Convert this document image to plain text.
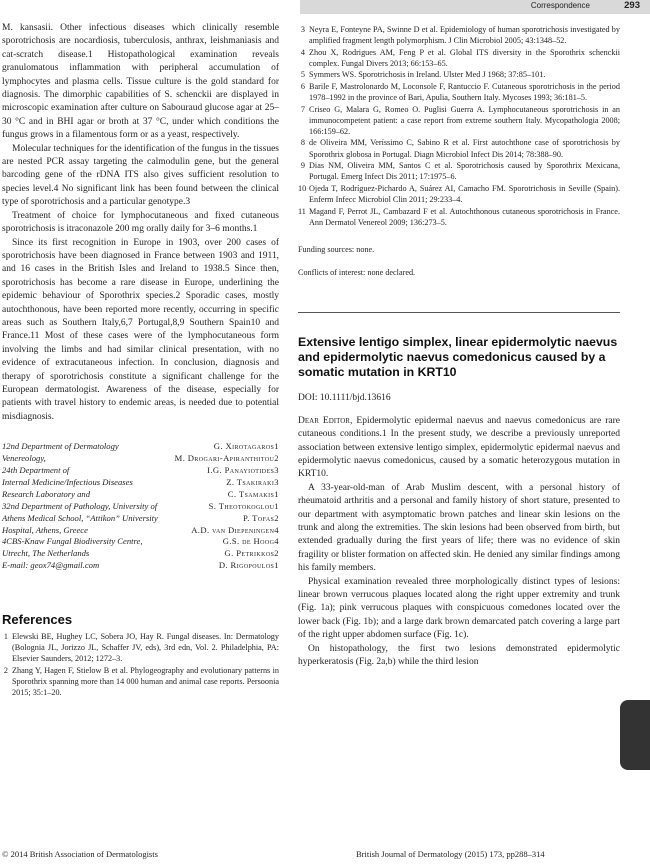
Correspondence	293

M. kansasii. Other infectious diseases which clinically resemble sporotrichosis are nocardiosis, tuberculosis, anthrax, leishmaniasis and cat-scratch disease.1 Histopathological examination reveals granulomatous inflammation with peripheral accumulation of lymphocytes and plasma cells. Tissue culture is the gold standard for diagnosis. The dimorphic capabilities of S. schenckii are displayed in microscopic examination after culture on Sabouraud glucose agar at 25–30 °C and in BHI agar or broth at 37 °C, under which conditions the fungus grows in a filamentous form or as a yeast, respectively.

Molecular techniques for the identification of the fungus in the tissues are nested PCR assay targeting the calmodulin gene, but the general barcoding gene of the rDNA ITS also gives sufficient resolution to species level.4 No significant link has been found between the clinical type of sporotrichosis and a particular genotype.3

Treatment of choice for lymphocutaneous and fixed cutaneous sporotrichosis is itraconazole 200 mg orally daily for 3–6 months.1

Since its first recognition in Europe in 1903, over 200 cases of sporotrichosis have been diagnosed in France between 1903 and 1911, and 16 cases in the British Isles and Ireland to 1938.5 Since then, sporotrichosis has become a rare disease in Europe, underlining the epidemic behaviour of Sporothrix species.2 Sporadic cases, mostly autochthonous, have been reported more recently, occurring in specific areas such as Southern Italy,6,7 Portugal,8,9 Southern Spain10 and France.11 Most of these cases were of the lymphocutaneous form involving the limbs and had similar clinical presentation, with no evidence of extracutaneous infection. In conclusion, diagnosis and therapy of sporotrichosis constitute a significant challenge for the European dermatologist. Awareness of the disease, especially for patients with travel history to endemic areas, is needed due to potential misdiagnosis.

12nd Department of Dermatology	G. Xirotagaros1
Venereology,	M. Drogari-Apiranthitou2
24th Department of	I.G. Panayiotides3
Internal Medicine/Infectious Diseases	Z. Tsakiraki3
Research Laboratory and	C. Tsamakis1
32nd Department of Pathology, University of	S. Theotokoglou1
Athens Medical School, “Attikon” University	P. Tofas2
Hospital, Athens, Greece	A.D. van Diepeningen4
4CBS-Knaw Fungal Biodiversity Centre,	G.S. de Hoog4
Utrecht, The Netherlands	G. Petrikkos2
E-mail: geox74@gmail.com	D. Rigopoulos1
References
1 Elewski BE, Hughey LC, Sobera JO, Hay R. Fungal diseases. In: Dermatology (Bolognia JL, Jorizzo JL, Schaffer JV, eds), 3rd edn, Vol. 2. Philadelphia, PA: Elsevier Saunders, 2012; 1272–3.
2 Zhang Y, Hagen F, Stielow B et al. Phylogeography and evolutionary patterns in Sporothrix spanning more than 14 000 human and animal case reports. Persoonia 2015; 35:1–20.
3 Neyra E, Fonteyne PA, Swinne D et al. Epidemiology of human sporotrichosis investigated by amplified fragment length polymorphism. J Clin Microbiol 2005; 43:1348–52.
4 Zhou X, Rodrigues AM, Feng P et al. Global ITS diversity in the Sporothrix schenckii complex. Fungal Divers 2013; 66:153–65.
5 Symmers WS. Sporotrichosis in Ireland. Ulster Med J 1968; 37:85–101.
6 Barile F, Mastrolonardo M, Loconsole F, Rantuccio F. Cutaneous sporotrichosis in the period 1978–1992 in the province of Bari, Apulia, Southern Italy. Mycoses 1993; 36:181–5.
7 Criseo G, Malara G, Romeo O. Puglisi Guerra A. Lymphocutaneous sporotrichosis in an immunocompetent patient: a case report from extreme southern Italy. Mycopathologia 2008; 166:159–62.
8 de Oliveira MM, Veríssimo C, Sabino R et al. First autochthone case of sporotrichosis by Sporothrix globosa in Portugal. Diagn Microbiol Infect Dis 2014; 78:388–90.
9 Dias NM, Oliveira MM, Santos C et al. Sporotrichosis caused by Sporothrix Mexicana, Portugal. Emerg Infect Dis 2011; 17:1975–6.
10 Ojeda T, Rodríguez-Pichardo A, Suárez AI, Camacho FM. Sporotrichosis in Seville (Spain). Enferm Infecc Microbiol Clin 2011; 29:233–4.
11 Magand F, Perrot JL, Cambazard F et al. Autochthonous cutaneous sporotrichosis in France. Ann Dermatol Venereol 2009; 136:273–5.

Funding sources: none.

Conflicts of interest: none declared.

Extensive lentigo simplex, linear epidermolytic naevus and epidermolytic naevus comedonicus caused by a somatic mutation in KRT10

DOI: 10.1111/bjd.13616

Dear Editor, Epidermolytic epidermal naevus and naevus comedonicus are rare cutaneous conditions.1 In the present study, we describe a previously unreported association between extensive lentigo simplex, epidermolytic epidermal naevus and epidermolytic naevus comedonicus, caused by a somatic heterozygous mutation in KRT10.

A 33-year-old-man of Arab Muslim descent, with a personal history of rheumatoid arthritis and a personal and family history of short stature, presented to our department with asymptomatic brown patches and linear skin lesions on the trunk and along the extremities. The skin lesions had been observed from birth, but extended gradually during the first years of life; there was no evidence of skin fragility or blister formation on affected skin. He denied any similar findings among his family members.

Physical examination revealed three morphologically distinct types of lesions: linear brown verrucous plaques located along the right upper extremity and trunk (Fig. 1a); pink verrucous plaques with conspicuous comedones located over the lower back (Fig. 1b); and a large dark brown demarcated patch covering a large part of the right upper abdomen surface (Fig. 1c).

On histopathology, the first two lesions demonstrated epidermolytic hyperkeratosis (Fig. 2a,b) while the third lesion

© 2014 British Association of Dermatologists	British Journal of Dermatology (2015) 173, pp288–314
